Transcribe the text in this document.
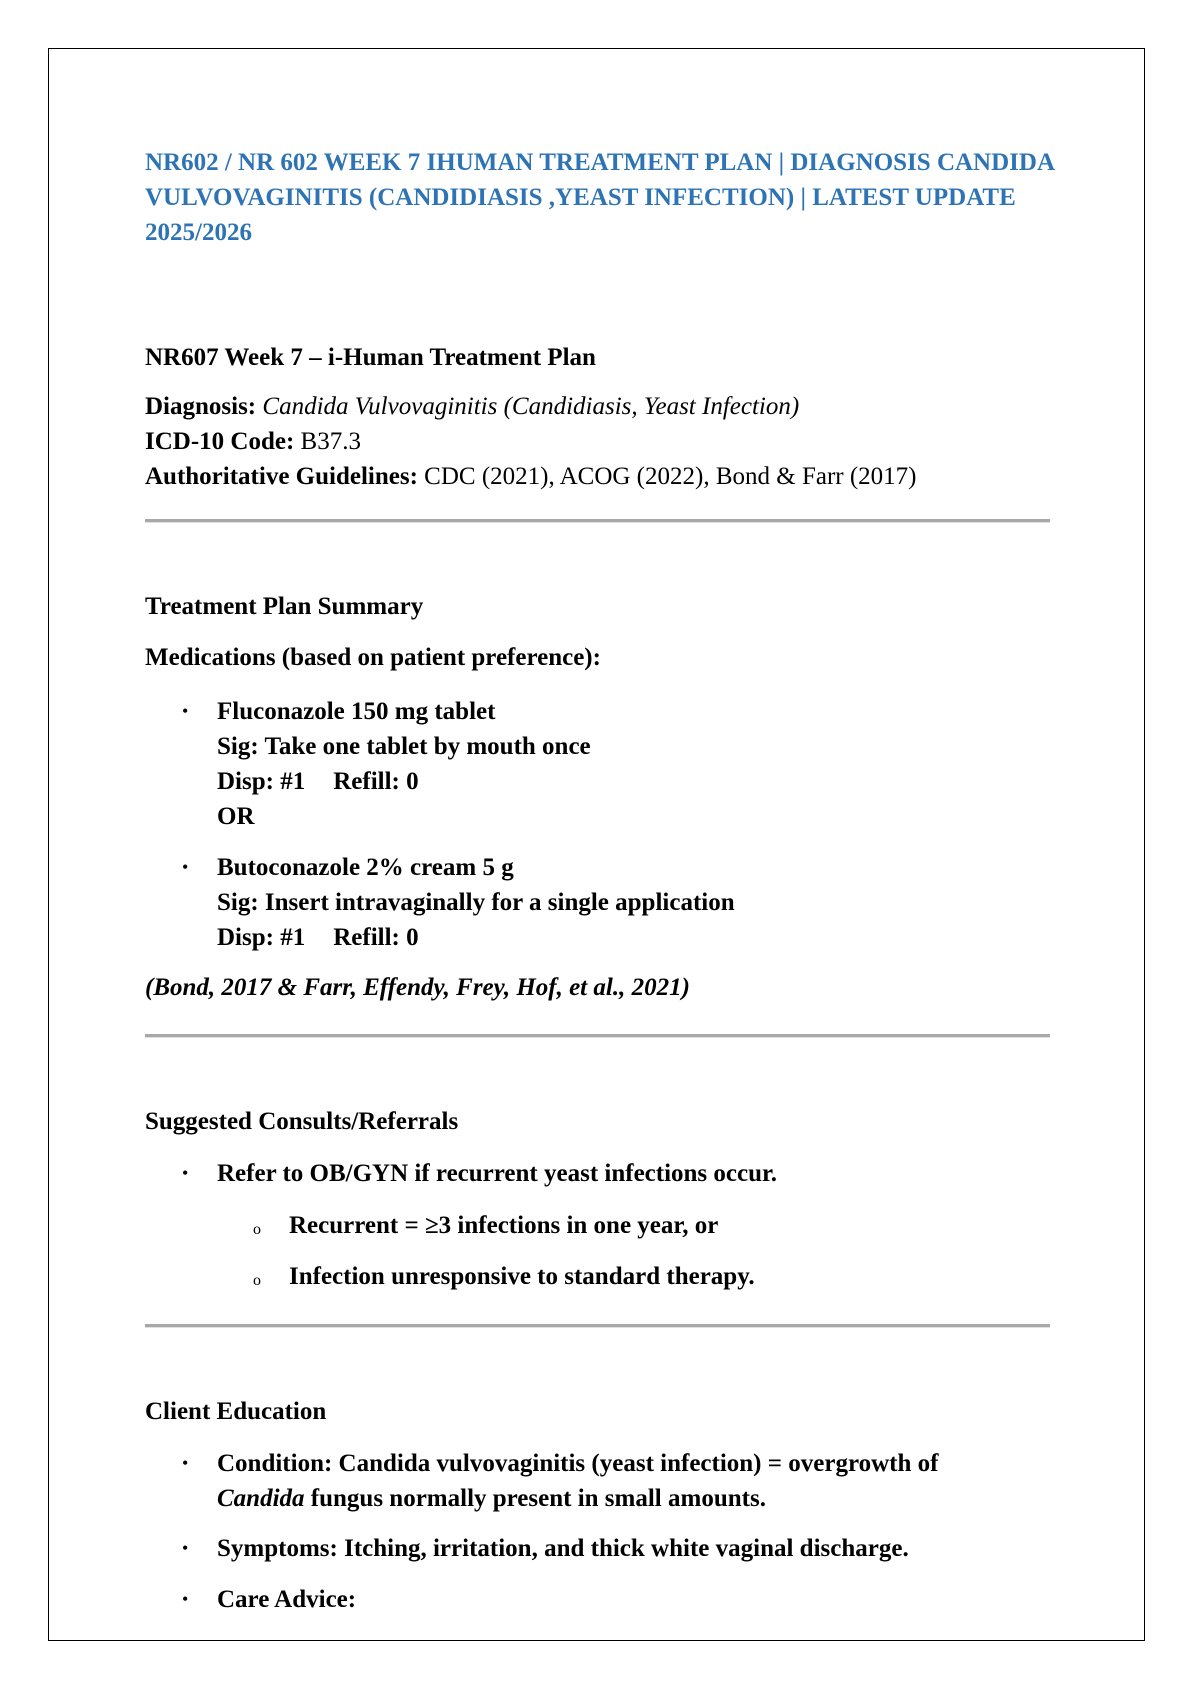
NR602 / NR 602 WEEK 7 IHUMAN TREATMENT PLAN | DIAGNOSIS CANDIDA VULVOVAGINITIS (CANDIDIASIS ,YEAST INFECTION) | LATEST UPDATE 2025/2026

NR607 Week 7 – i-Human Treatment Plan
Diagnosis: Candida Vulvovaginitis (Candidiasis, Yeast Infection)
ICD-10 Code: B37.3
Authoritative Guidelines: CDC (2021), ACOG (2022), Bond & Farr (2017)
Treatment Plan Summary
Medications (based on patient preference):
• Fluconazole 150 mg tablet
Sig: Take one tablet by mouth once
Disp: #1 Refill: 0
OR
• Butoconazole 2% cream 5 g
Sig: Insert intravaginally for a single application
Disp: #1 Refill: 0
(Bond, 2017 & Farr, Effendy, Frey, Hof, et al., 2021)
Suggested Consults/Referrals
• Refer to OB/GYN if recurrent yeast infections occur.
o Recurrent = ≥3 infections in one year, or
o Infection unresponsive to standard therapy.
Client Education
• Condition: Candida vulvovaginitis (yeast infection) = overgrowth of
Candida fungus normally present in small amounts.
• Symptoms: Itching, irritation, and thick white vaginal discharge.
• Care Advice:
